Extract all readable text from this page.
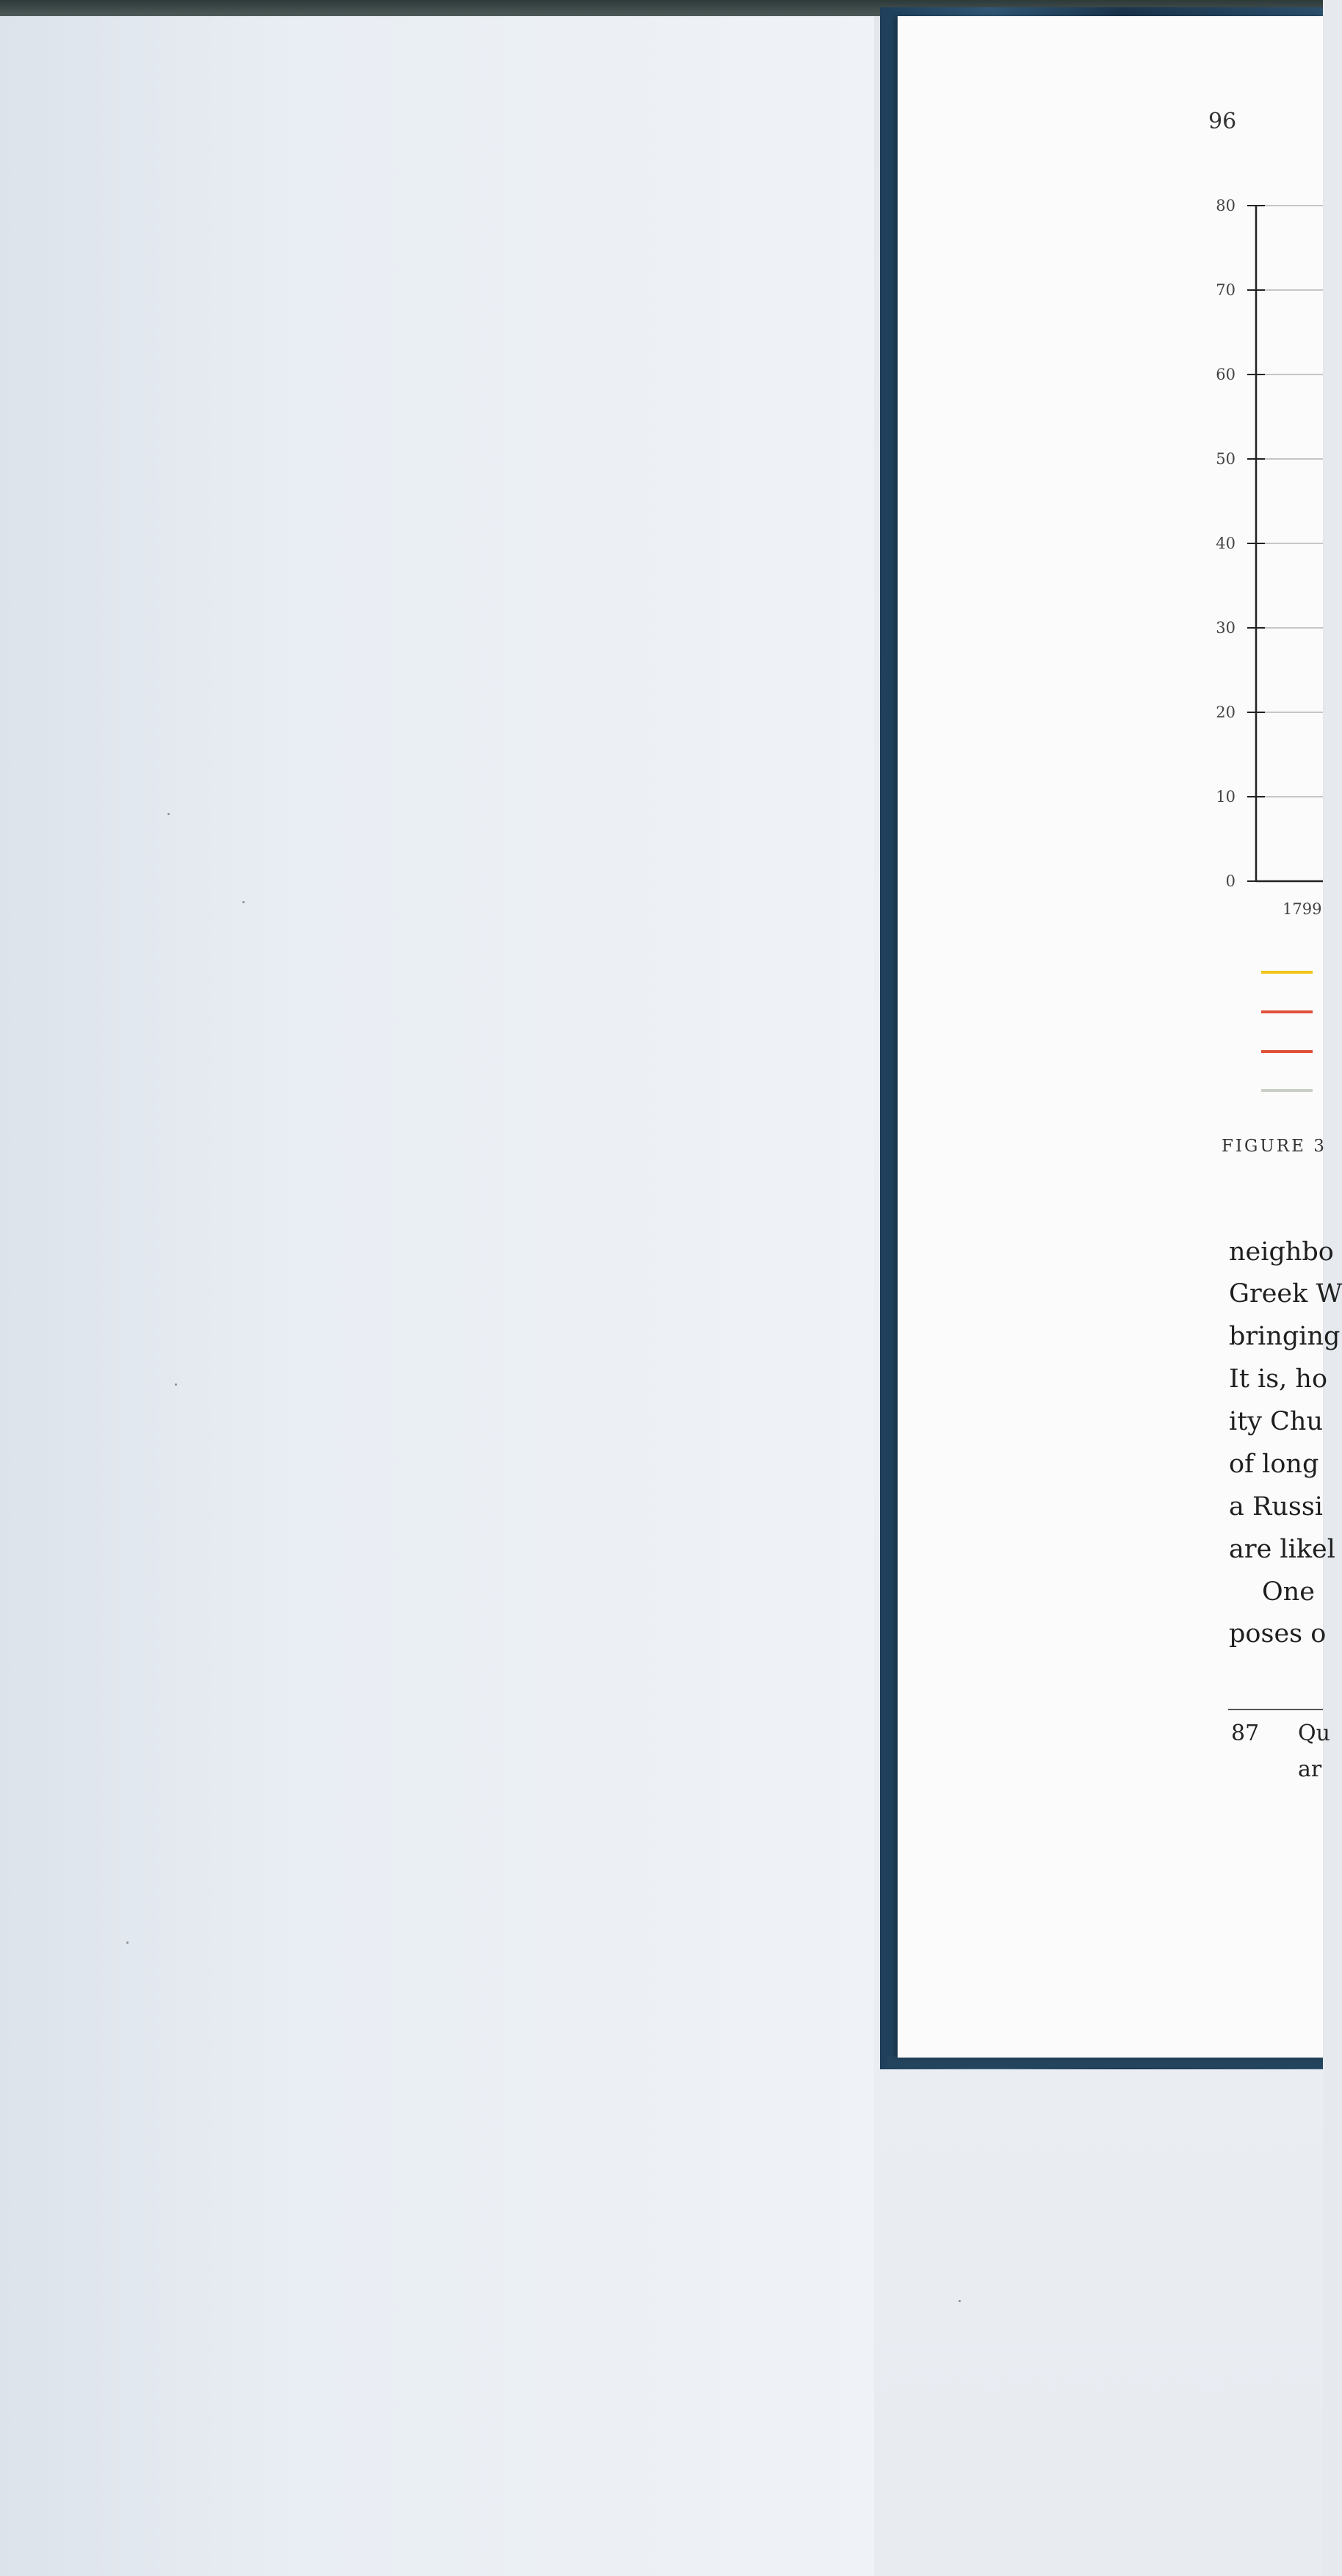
96
80
70
60
50
40
30
20
10
0
1799
FIGURE 3
neighbo
Greek W
bringing
It is, ho
ity Chu
of long
a Russi
are likel
One
poses o
87 Qu
ar
